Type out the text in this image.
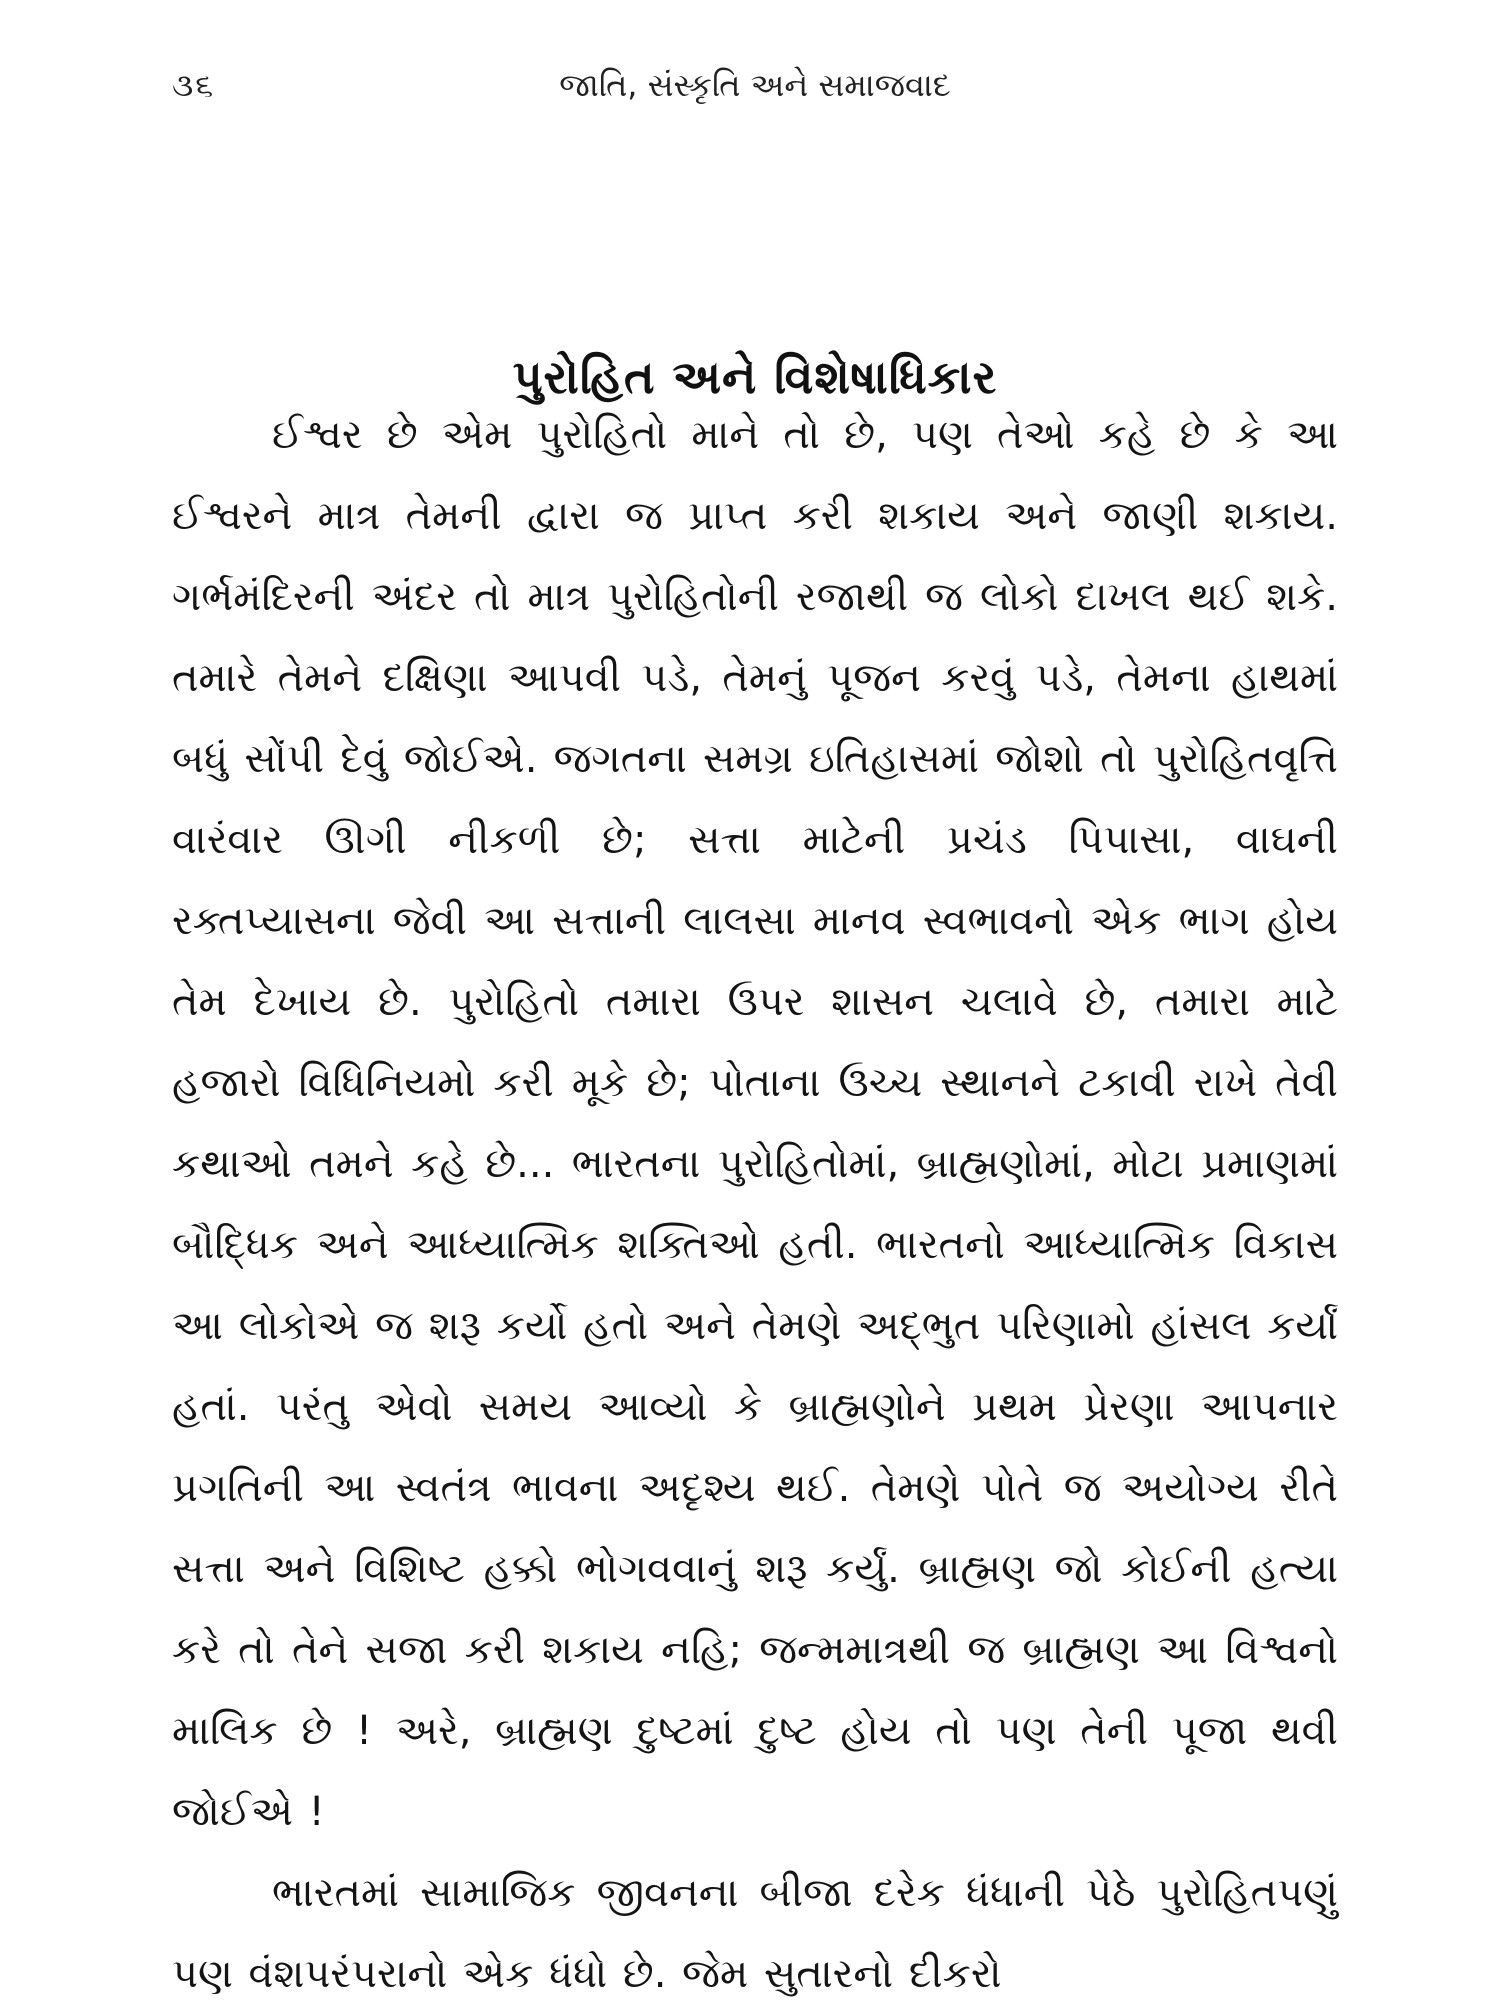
૩૬	જાતિ, સંસ્કૃતિ અને સમાજવાદ
પુરોહિત અને વિશેષાધિકાર

ઈશ્વર છે એમ પુરોહિતો માને તો છે, પણ તેઓ કહે છે કે આ ઈશ્વરને માત્ર તેમની દ્વારા જ પ્રાપ્ત કરી શકાય અને જાણી શકાય. ગર્ભમંદિરની અંદર તો માત્ર પુરોહિતોની રજાથી જ લોકો દાખલ થઈ શકે. તમારે તેમને દક્ષિણા આપવી પડે, તેમનું પૂજન કરવું પડે, તેમના હાથમાં બધું સોંપી દેવું જોઈએ. જગતના સમગ્ર ઇતિહાસમાં જોશો તો પુરોહિતવૃત્તિ વારંવાર ઊગી નીકળી છે; સત્તા માટેની પ્રચંડ પિપાસા, વાઘની રક્તપ્યાસના જેવી આ સત્તાની લાલસા માનવ સ્વભાવનો એક ભાગ હોય તેમ દેખાય છે. પુરોહિતો તમારા ઉપર શાસન ચલાવે છે, તમારા માટે હજારો વિધિનિયમો કરી મૂકે છે; પોતાના ઉચ્ચ સ્થાનને ટકાવી રાખે તેવી કથાઓ તમને કહે છે... ભારતના પુરોહિતોમાં, બ્રાહ્મણોમાં, મોટા પ્રમાણમાં બૌદ્ધિક અને આધ્યાત્મિક શક્તિઓ હતી. ભારતનો આધ્યાત્મિક વિકાસ આ લોકોએ જ શરૂ કર્યો હતો અને તેમણે અદ્‌ભુત પરિણામો હાંસલ કર્યાં હતાં. પરંતુ એવો સમય આવ્યો કે બ્રાહ્મણોને પ્રથમ પ્રેરણા આપનાર પ્રગતિની આ સ્વતંત્ર ભાવના અદૃશ્ય થઈ. તેમણે પોતે જ અયોગ્ય રીતે સત્તા અને વિશિષ્ટ હક્કો ભોગવવાનું શરૂ કર્યું. બ્રાહ્મણ જો કોઈની હત્યા કરે તો તેને સજા કરી શકાય નહિ; જન્મમાત્રથી જ બ્રાહ્મણ આ વિશ્વનો માલિક છે ! અરે, બ્રાહ્મણ દુષ્ટમાં દુષ્ટ હોય તો પણ તેની પૂજા થવી જોઈએ !

ભારતમાં સામાજિક જીવનના બીજા દરેક ધંધાની પેઠે પુરોહિતપણું પણ વંશપરંપરાનો એક ધંધો છે. જેમ સુતારનો દીકરો
